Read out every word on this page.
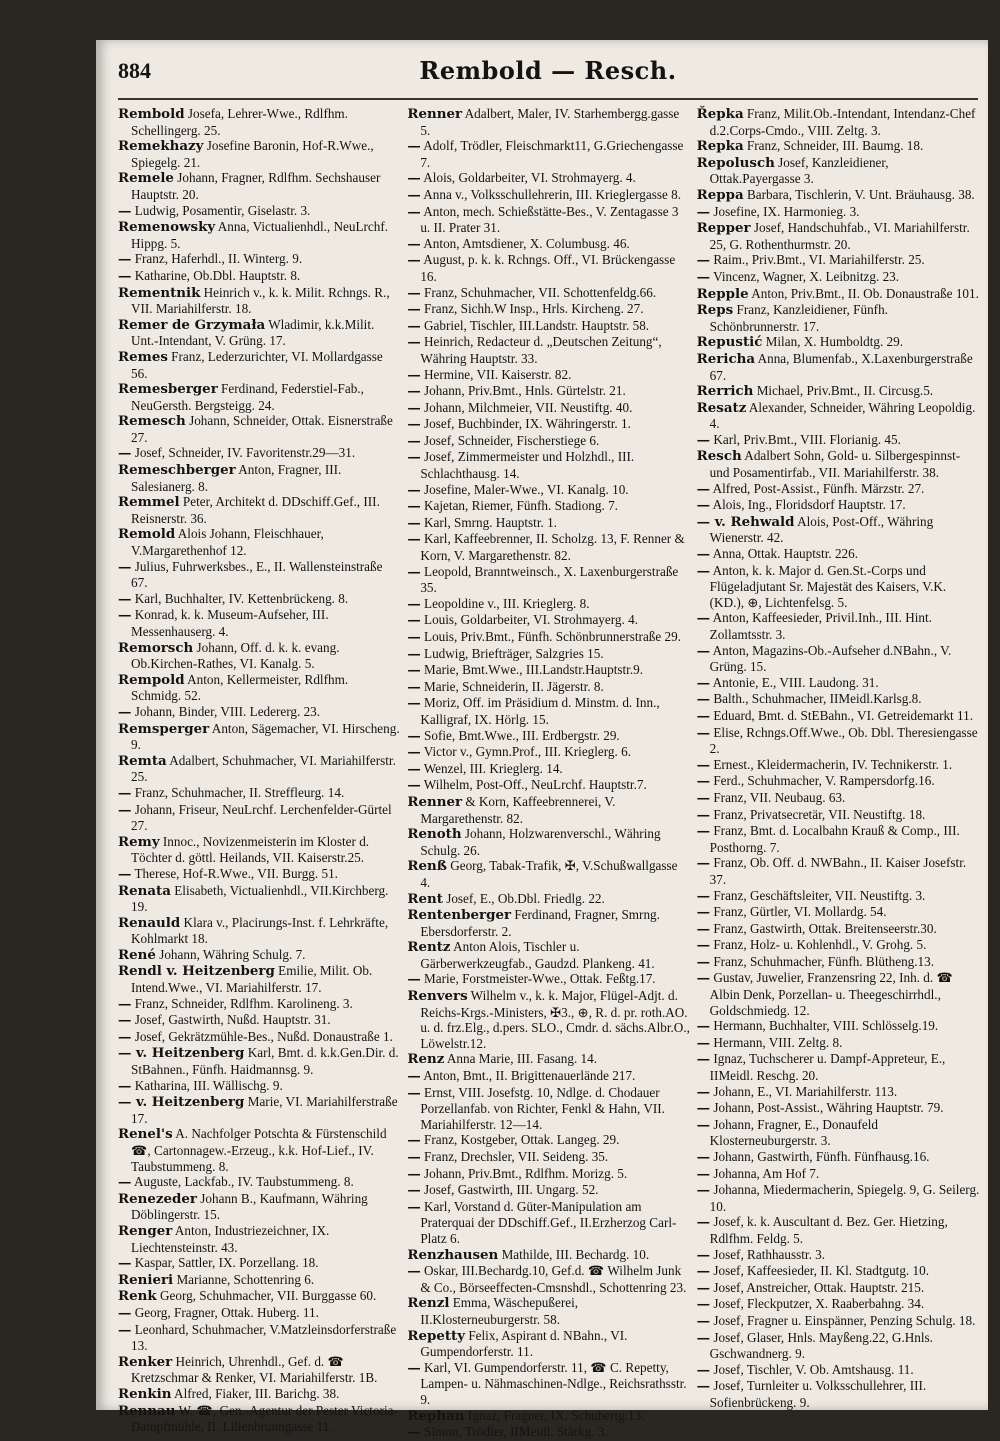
884	Rembold — Resch.

Rembold Josefa, Lehrer-Wwe., Rdlfhm. Schellingerg. 25.

Remekhazy Josefine Baronin, Hof-R.Wwe., Spiegelg. 21.

Remele Johann, Fragner, Rdlfhm. Sechshauser Hauptstr. 20.

— Ludwig, Posamentir, Giselastr. 3.

Remenowsky Anna, Victualienhdl., NeuLrchf. Hippg. 5.

— Franz, Haferhdl., II. Winterg. 9.

— Katharine, Ob.Dbl. Hauptstr. 8.

Rementnik Heinrich v., k. k. Milit. Rchngs. R., VII. Mariahilferstr. 18.

Remer de Grzymała Wladimir, k.k.Milit. Unt.-Intendant, V. Grüng. 17.

Remes Franz, Lederzurichter, VI. Mollardgasse 56.

Remesberger Ferdinand, Federstiel-Fab., NeuGersth. Bergsteigg. 24.

Remesch Johann, Schneider, Ottak. Eisnerstraße 27.

— Josef, Schneider, IV. Favoritenstr.29—31.

Remeschberger Anton, Fragner, III. Salesianerg. 8.

Remmel Peter, Architekt d. DDschiff.Gef., III. Reisnerstr. 36.

Remold Alois Johann, Fleischhauer, V.Margarethenhof 12.

— Julius, Fuhrwerksbes., E., II. Wallensteinstraße 67.

— Karl, Buchhalter, IV. Kettenbrückeng. 8.

— Konrad, k. k. Museum-Aufseher, III. Messenhauserg. 4.

Remorsch Johann, Off. d. k. k. evang. Ob.Kirchen-Rathes, VI. Kanalg. 5.

Rempold Anton, Kellermeister, Rdlfhm. Schmidg. 52.

— Johann, Binder, VIII. Ledererg. 23.

Remsperger Anton, Sägemacher, VI. Hirscheng. 9.

Remta Adalbert, Schuhmacher, VI. Mariahilferstr. 25.

— Franz, Schuhmacher, II. Streffleurg. 14.

— Johann, Friseur, NeuLrchf. Lerchenfelder-Gürtel 27.

Remy Innoc., Novizenmeisterin im Kloster d. Töchter d. göttl. Heilands, VII. Kaiserstr.25.

— Therese, Hof-R.Wwe., VII. Burgg. 51.

Renata Elisabeth, Victualienhdl., VII.Kirchberg. 19.

Renauld Klara v., Placirungs-Inst. f. Lehrkräfte, Kohlmarkt 18.

René Johann, Währing Schulg. 7.

Rendl v. Heitzenberg Emilie, Milit. Ob. Intend.Wwe., VI. Mariahilferstr. 17.

— Franz, Schneider, Rdlfhm. Karolineng. 3.

— Josef, Gastwirth, Nußd. Hauptstr. 31.

— Josef, Gekrätzmühle-Bes., Nußd. Donaustraße 1.

— v. Heitzenberg Karl, Bmt. d. k.k.Gen.Dir. d. StBahnen., Fünfh. Haidmannsg. 9.

— Katharina, III. Wällischg. 9.

— v. Heitzenberg Marie, VI. Mariahilferstraße 17.

Renel's A. Nachfolger Potschta & Fürstenschild ☎, Cartonnagew.-Erzeug., k.k. Hof-Lief., IV. Taubstummeng. 8.

— Auguste, Lackfab., IV. Taubstummeng. 8.

Renezeder Johann B., Kaufmann, Währing Döblingerstr. 15.

Renger Anton, Industriezeichner, IX. Liechtensteinstr. 43.

— Kaspar, Sattler, IX. Porzellang. 18.

Renieri Marianne, Schottenring 6.

Renk Georg, Schuhmacher, VII. Burggasse 60.

— Georg, Fragner, Ottak. Huberg. 11.

— Leonhard, Schuhmacher, V.Matzleinsdorferstraße 13.

Renker Heinrich, Uhrenhdl., Gef. d. ☎ Kretzschmar & Renker, VI. Mariahilferstr. 1B.

Renkin Alfred, Fiaker, III. Barichg. 38.

Rennau W. ☎, Gen.-Agentur der Pester Victoria-Dampfmühle, II. Lilienbrunngasse 11.

Renner Adalbert, Maler, IV. Starhembergg.gasse 5.

— Adolf, Trödler, Fleischmarkt11, G.Griechengasse 7.

— Alois, Goldarbeiter, VI. Strohmayerg. 4.

— Anna v., Volksschullehrerin, III. Krieglergasse 8.

— Anton, mech. Schießstätte-Bes., V. Zentagasse 3 u. II. Prater 31.

— Anton, Amtsdiener, X. Columbusg. 46.

— August, p. k. k. Rchngs. Off., VI. Brückengasse 16.

— Franz, Schuhmacher, VII. Schottenfeldg.66.

— Franz, Sichh.W Insp., Hrls. Kircheng. 27.

— Gabriel, Tischler, III.Landstr. Hauptstr. 58.

— Heinrich, Redacteur d. „Deutschen Zeitung“, Währing Hauptstr. 33.

— Hermine, VII. Kaiserstr. 82.

— Johann, Priv.Bmt., Hnls. Gürtelstr. 21.

— Johann, Milchmeier, VII. Neustiftg. 40.

— Josef, Buchbinder, IX. Währingerstr. 1.

— Josef, Schneider, Fischerstiege 6.

— Josef, Zimmermeister und Holzhdl., III. Schlachthausg. 14.

— Josefine, Maler-Wwe., VI. Kanalg. 10.

— Kajetan, Riemer, Fünfh. Stadiong. 7.

— Karl, Smrng. Hauptstr. 1.

— Karl, Kaffeebrenner, II. Scholzg. 13, F. Renner & Korn, V. Margarethenstr. 82.

— Leopold, Branntweinsch., X. Laxenburgerstraße 35.

— Leopoldine v., III. Krieglerg. 8.

— Louis, Goldarbeiter, VI. Strohmayerg. 4.

— Louis, Priv.Bmt., Fünfh. Schönbrunnerstraße 29.

— Ludwig, Briefträger, Salzgries 15.

— Marie, Bmt.Wwe., III.Landstr.Hauptstr.9.

— Marie, Schneiderin, II. Jägerstr. 8.

— Moriz, Off. im Präsidium d. Minstm. d. Inn., Kalligraf, IX. Hörlg. 15.

— Sofie, Bmt.Wwe., III. Erdbergstr. 29.

— Victor v., Gymn.Prof., III. Krieglerg. 6.

— Wenzel, III. Krieglerg. 14.

— Wilhelm, Post-Off., NeuLrchf. Hauptstr.7.

Renner & Korn, Kaffeebrennerei, V. Margarethenstr. 82.

Renoth Johann, Holzwarenverschl., Währing Schulg. 26.

Renß Georg, Tabak-Trafik, ✠, V.Schußwallgasse 4.

Rent Josef, E., Ob.Dbl. Friedlg. 22.

Rentenberger Ferdinand, Fragner, Smrng. Ebersdorferstr. 2.

Rentz Anton Alois, Tischler u. Gärberwerkzeugfab., Gaudzd. Plankeng. 41.

— Marie, Forstmeister-Wwe., Ottak. Feßtg.17.

Renvers Wilhelm v., k. k. Major, Flügel-Adjt. d. Reichs-Krgs.-Ministers, ✠3., ⊕, R. d. pr. roth.AO. u. d. frz.Elg., d.pers. SLO., Cmdr. d. sächs.Albr.O., Löwelstr.12.

Renz Anna Marie, III. Fasang. 14.

— Anton, Bmt., II. Brigittenauerlände 217.

— Ernst, VIII. Josefstg. 10, Ndlge. d. Chodauer Porzellanfab. von Richter, Fenkl & Hahn, VII. Mariahilferstr. 12—14.

— Franz, Kostgeber, Ottak. Langeg. 29.

— Franz, Drechsler, VII. Seideng. 35.

— Johann, Priv.Bmt., Rdlfhm. Morizg. 5.

— Josef, Gastwirth, III. Ungarg. 52.

— Karl, Vorstand d. Güter-Manipulation am Praterquai der DDschiff.Gef., II.Erzherzog Carl-Platz 6.

Renzhausen Mathilde, III. Bechardg. 10.

— Oskar, III.Bechardg.10, Gef.d. ☎ Wilhelm Junk & Co., Börseeffecten-Cmsnshdl., Schottenring 23.

Renzl Emma, Wäschepußerei, II.Klosterneuburgerstr. 58.

Repetty Felix, Aspirant d. NBahn., VI. Gumpendorferstr. 11.

— Karl, VI. Gumpendorferstr. 11, ☎ C. Repetty, Lampen- u. Nähmaschinen-Ndlge., Reichsrathsstr. 9.

Rephan Ignaz, Fragner, IX. Schubertg.13.

— Simon, Trödler, IIMeidl. Stärkg. 3.

Řepka Franz, Milit.Ob.-Intendant, Intendanz-Chef d.2.Corps-Cmdo., VIII. Zeltg. 3.

Repka Franz, Schneider, III. Baumg. 18.

Repolusch Josef, Kanzleidiener, Ottak.Payergasse 3.

Reppa Barbara, Tischlerin, V. Unt. Bräuhausg. 38.

— Josefine, IX. Harmonieg. 3.

Repper Josef, Handschuhfab., VI. Mariahilferstr. 25, G. Rothenthurmstr. 20.

— Raim., Priv.Bmt., VI. Mariahilferstr. 25.

— Vincenz, Wagner, X. Leibnitzg. 23.

Repple Anton, Priv.Bmt., II. Ob. Donaustraße 101.

Reps Franz, Kanzleidiener, Fünfh. Schönbrunnerstr. 17.

Repustić Milan, X. Humboldtg. 29.

Rericha Anna, Blumenfab., X.Laxenburgerstraße 67.

Rerrich Michael, Priv.Bmt., II. Circusg.5.

Resatz Alexander, Schneider, Währing Leopoldig. 4.

— Karl, Priv.Bmt., VIII. Florianig. 45.

Resch Adalbert Sohn, Gold- u. Silbergespinnst- und Posamentirfab., VII. Mariahilferstr. 38.

— Alfred, Post-Assist., Fünfh. Märzstr. 27.

— Alois, Ing., Floridsdorf Hauptstr. 17.

— v. Rehwald Alois, Post-Off., Währing Wienerstr. 42.

— Anna, Ottak. Hauptstr. 226.

— Anton, k. k. Major d. Gen.St.-Corps und Flügeladjutant Sr. Majestät des Kaisers, V.K. (KD.), ⊕, Lichtenfelsg. 5.

— Anton, Kaffeesieder, Privil.Inh., III. Hint. Zollamtsstr. 3.

— Anton, Magazins-Ob.-Aufseher d.NBahn., V. Grüng. 15.

— Antonie, E., VIII. Laudong. 31.

— Balth., Schuhmacher, IIMeidl.Karlsg.8.

— Eduard, Bmt. d. StEBahn., VI. Getreidemarkt 11.

— Elise, Rchngs.Off.Wwe., Ob. Dbl. Theresiengasse 2.

— Ernest., Kleidermacherin, IV. Technikerstr. 1.

— Ferd., Schuhmacher, V. Rampersdorfg.16.

— Franz, VII. Neubaug. 63.

— Franz, Privatsecretär, VII. Neustiftg. 18.

— Franz, Bmt. d. Localbahn Krauß & Comp., III. Posthorng. 7.

— Franz, Ob. Off. d. NWBahn., II. Kaiser Josefstr. 37.

— Franz, Geschäftsleiter, VII. Neustiftg. 3.

— Franz, Gürtler, VI. Mollardg. 54.

— Franz, Gastwirth, Ottak. Breitenseerstr.30.

— Franz, Holz- u. Kohlenhdl., V. Grohg. 5.

— Franz, Schuhmacher, Fünfh. Blütheng.13.

— Gustav, Juwelier, Franzensring 22, Inh. d. ☎ Albin Denk, Porzellan- u. Theegeschirrhdl., Goldschmiedg. 12.

— Hermann, Buchhalter, VIII. Schlösselg.19.

— Hermann, VIII. Zeltg. 8.

— Ignaz, Tuchscherer u. Dampf-Appreteur, E., IIMeidl. Reschg. 20.

— Johann, E., VI. Mariahilferstr. 113.

— Johann, Post-Assist., Währing Hauptstr. 79.

— Johann, Fragner, E., Donaufeld Klosterneuburgerstr. 3.

— Johann, Gastwirth, Fünfh. Fünfhausg.16.

— Johanna, Am Hof 7.

— Johanna, Miedermacherin, Spiegelg. 9, G. Seilerg. 10.

— Josef, k. k. Auscultant d. Bez. Ger. Hietzing, Rdlfhm. Feldg. 5.

— Josef, Rathhausstr. 3.

— Josef, Kaffeesieder, II. Kl. Stadtgutg. 10.

— Josef, Anstreicher, Ottak. Hauptstr. 215.

— Josef, Fleckputzer, X. Raaberbahng. 34.

— Josef, Fragner u. Einspänner, Penzing Schulg. 18.

— Josef, Glaser, Hnls. Mayßeng.22, G.Hnls. Gschwandnerg. 9.

— Josef, Tischler, V. Ob. Amtshausg. 11.

— Josef, Turnleiter u. Volksschullehrer, III. Sofienbrückeng. 9.
